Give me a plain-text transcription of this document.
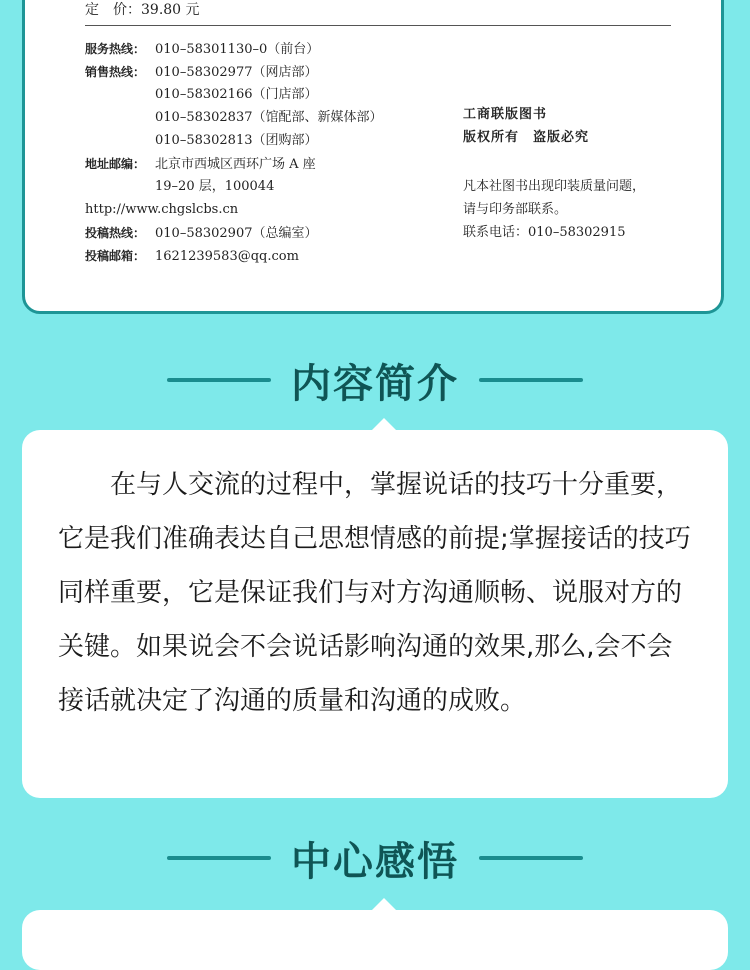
定　价：39.80 元
服务热线： 010–58301130–0（前台）
销售热线： 010–58302977（网店部）
010–58302166（门店部）
010–58302837（馆配部、新媒体部）
010–58302813（团购部）
地址邮编： 北京市西城区西环广场 A 座
19–20 层，100044
http://www.chgslcbs.cn
投稿热线： 010–58302907（总编室）
投稿邮箱： 1621239583@qq.com
工商联版图书
版权所有　盗版必究
凡本社图书出现印装质量问题，
请与印务部联系。
联系电话：010–58302915
内容简介
在与人交流的过程中，掌握说话的技巧十分重要，它是我们准确表达自己思想情感的前提;掌握接话的技巧同样重要，它是保证我们与对方沟通顺畅、说服对方的关键。如果说会不会说话影响沟通的效果,那么,会不会接话就决定了沟通的质量和沟通的成败。
中心感悟
